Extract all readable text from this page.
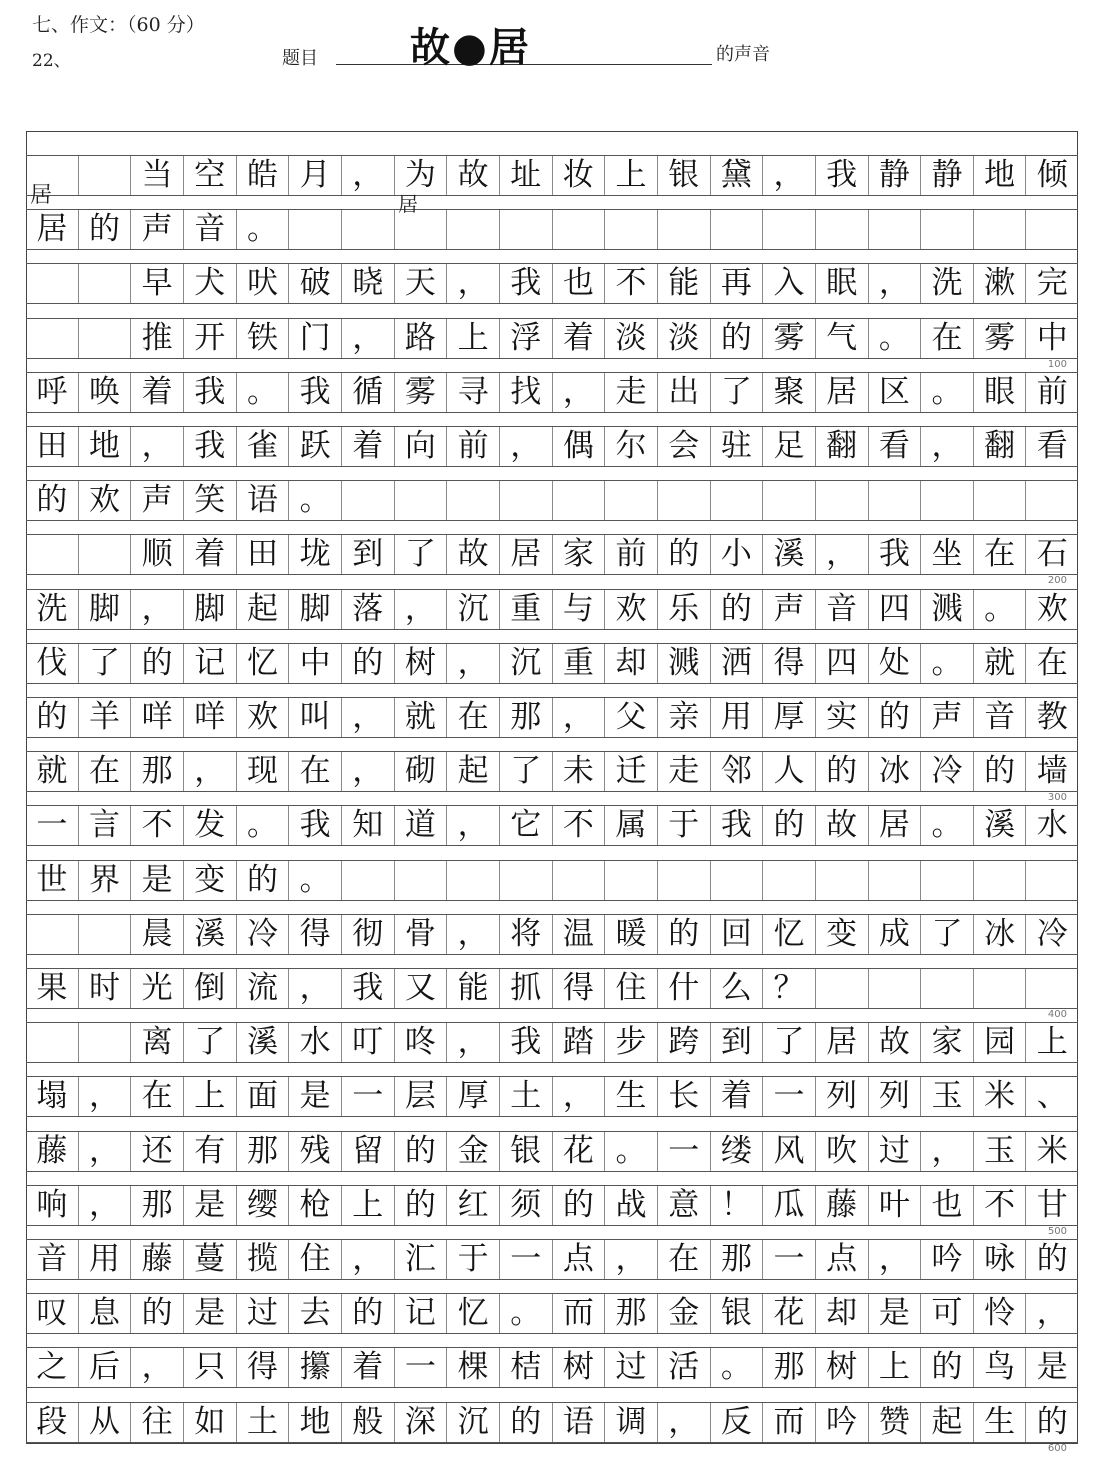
七、作文：（60 分）
22、	题目 故●居	的声音
当 空 皓 月 ， 为 故 址 妆 上 银 黛 ， 我 静 静 地 倾
居 的 声 音 。
早 犬 吠 破 晓 天 ， 我 也 不 能 再 入 眠 ， 洗 漱 完
推 开 铁 门 ， 路 上 浮 着 淡 淡 的 雾 气 。 在 雾 中
100
呼 唤 着 我 。 我 循 雾 寻 找 ， 走 出 了 聚 居 区 。 眼 前
田 地 ， 我 雀 跃 着 向 前 ， 偶 尔 会 驻 足 翻 看 ， 翻 看
的 欢 声 笑 语 。
顺 着 田 垅 到 了 故 居 家 前 的 小 溪 ， 我 坐 在 石
200
洗 脚 ， 脚 起 脚 落 ， 沉 重 与 欢 乐 的 声 音 四 溅 。 欢
伐 了 的 记 忆 中 的 树 ， 沉 重 却 溅 洒 得 四 处 。 就 在
的 羊 咩 咩 欢 叫 ， 就 在 那 ， 父 亲 用 厚 实 的 声 音 教
就 在 那 ， 现 在 ， 砌 起 了 未 迁 走 邻 人 的 冰 冷 的 墙
300
一 言 不 发 。 我 知 道 ， 它 不 属 于 我 的 故 居 。 溪 水
世 界 是 变 的 。
晨 溪 冷 得 彻 骨 ， 将 温 暖 的 回 忆 变 成 了 冰 冷
果 时 光 倒 流 ， 我 又 能 抓 得 住 什 么 ？
400
离 了 溪 水 叮 咚 ， 我 踏 步 跨 到 了 居 故 家 园 上
塌 ， 在 上 面 是 一 层 厚 土 ， 生 长 着 一 列 列 玉 米 、
藤 ， 还 有 那 残 留 的 金 银 花 。 一 缕 风 吹 过 ， 玉 米
响 ， 那 是 缨 枪 上 的 红 须 的 战 意 ！ 瓜 藤 叶 也 不 甘
500
音 用 藤 蔓 揽 住 ， 汇 于 一 点 ， 在 那 一 点 ， 吟 咏 的
叹 息 的 是 过 去 的 记 忆 。 而 那 金 银 花 却 是 可 怜 ，
之 后 ， 只 得 攥 着 一 棵 桔 树 过 活 。 那 树 上 的 鸟 是
段 从 往 如 土 地 般 深 沉 的 语 调 ， 反 而 吟 赞 起 生 的
600
居	居
